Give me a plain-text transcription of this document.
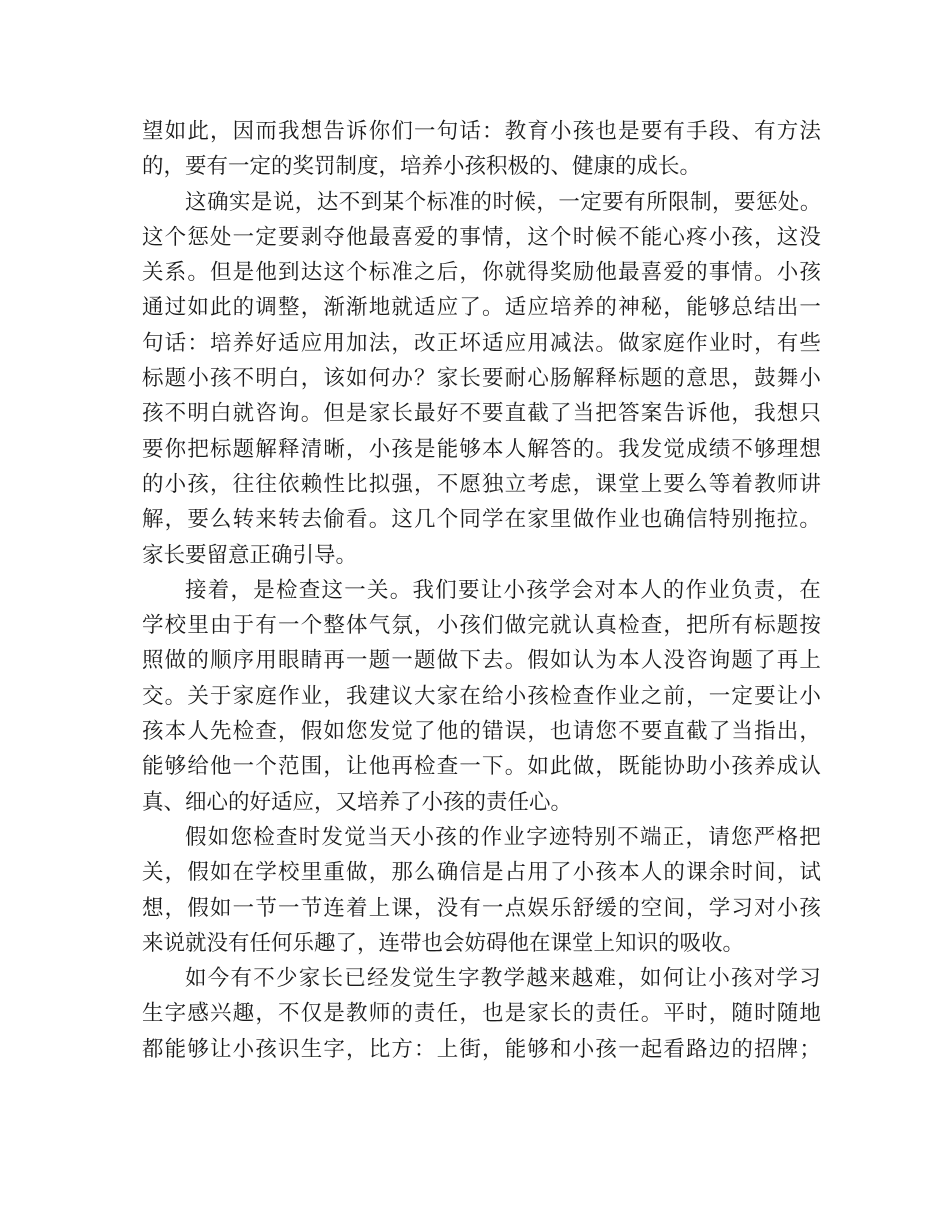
望如此，因而我想告诉你们一句话：教育小孩也是要有手段、有方法
的，要有一定的奖罚制度，培养小孩积极的、健康的成长。
这确实是说，达不到某个标准的时候，一定要有所限制，要惩处。
这个惩处一定要剥夺他最喜爱的事情，这个时候不能心疼小孩，这没
关系。但是他到达这个标准之后，你就得奖励他最喜爱的事情。小孩
通过如此的调整，渐渐地就适应了。适应培养的神秘，能够总结出一
句话：培养好适应用加法，改正坏适应用减法。做家庭作业时，有些
标题小孩不明白，该如何办？家长要耐心肠解释标题的意思，鼓舞小
孩不明白就咨询。但是家长最好不要直截了当把答案告诉他，我想只
要你把标题解释清晰，小孩是能够本人解答的。我发觉成绩不够理想
的小孩，往往依赖性比拟强，不愿独立考虑，课堂上要么等着教师讲
解，要么转来转去偷看。这几个同学在家里做作业也确信特别拖拉。
家长要留意正确引导。
接着，是检查这一关。我们要让小孩学会对本人的作业负责，在
学校里由于有一个整体气氛，小孩们做完就认真检查，把所有标题按
照做的顺序用眼睛再一题一题做下去。假如认为本人没咨询题了再上
交。关于家庭作业，我建议大家在给小孩检查作业之前，一定要让小
孩本人先检查，假如您发觉了他的错误，也请您不要直截了当指出，
能够给他一个范围，让他再检查一下。如此做，既能协助小孩养成认
真、细心的好适应，又培养了小孩的责任心。
假如您检查时发觉当天小孩的作业字迹特别不端正，请您严格把
关，假如在学校里重做，那么确信是占用了小孩本人的课余时间，试
想，假如一节一节连着上课，没有一点娱乐舒缓的空间，学习对小孩
来说就没有任何乐趣了，连带也会妨碍他在课堂上知识的吸收。
如今有不少家长已经发觉生字教学越来越难，如何让小孩对学习
生字感兴趣，不仅是教师的责任，也是家长的责任。平时，随时随地
都能够让小孩识生字，比方：上街，能够和小孩一起看路边的招牌；
